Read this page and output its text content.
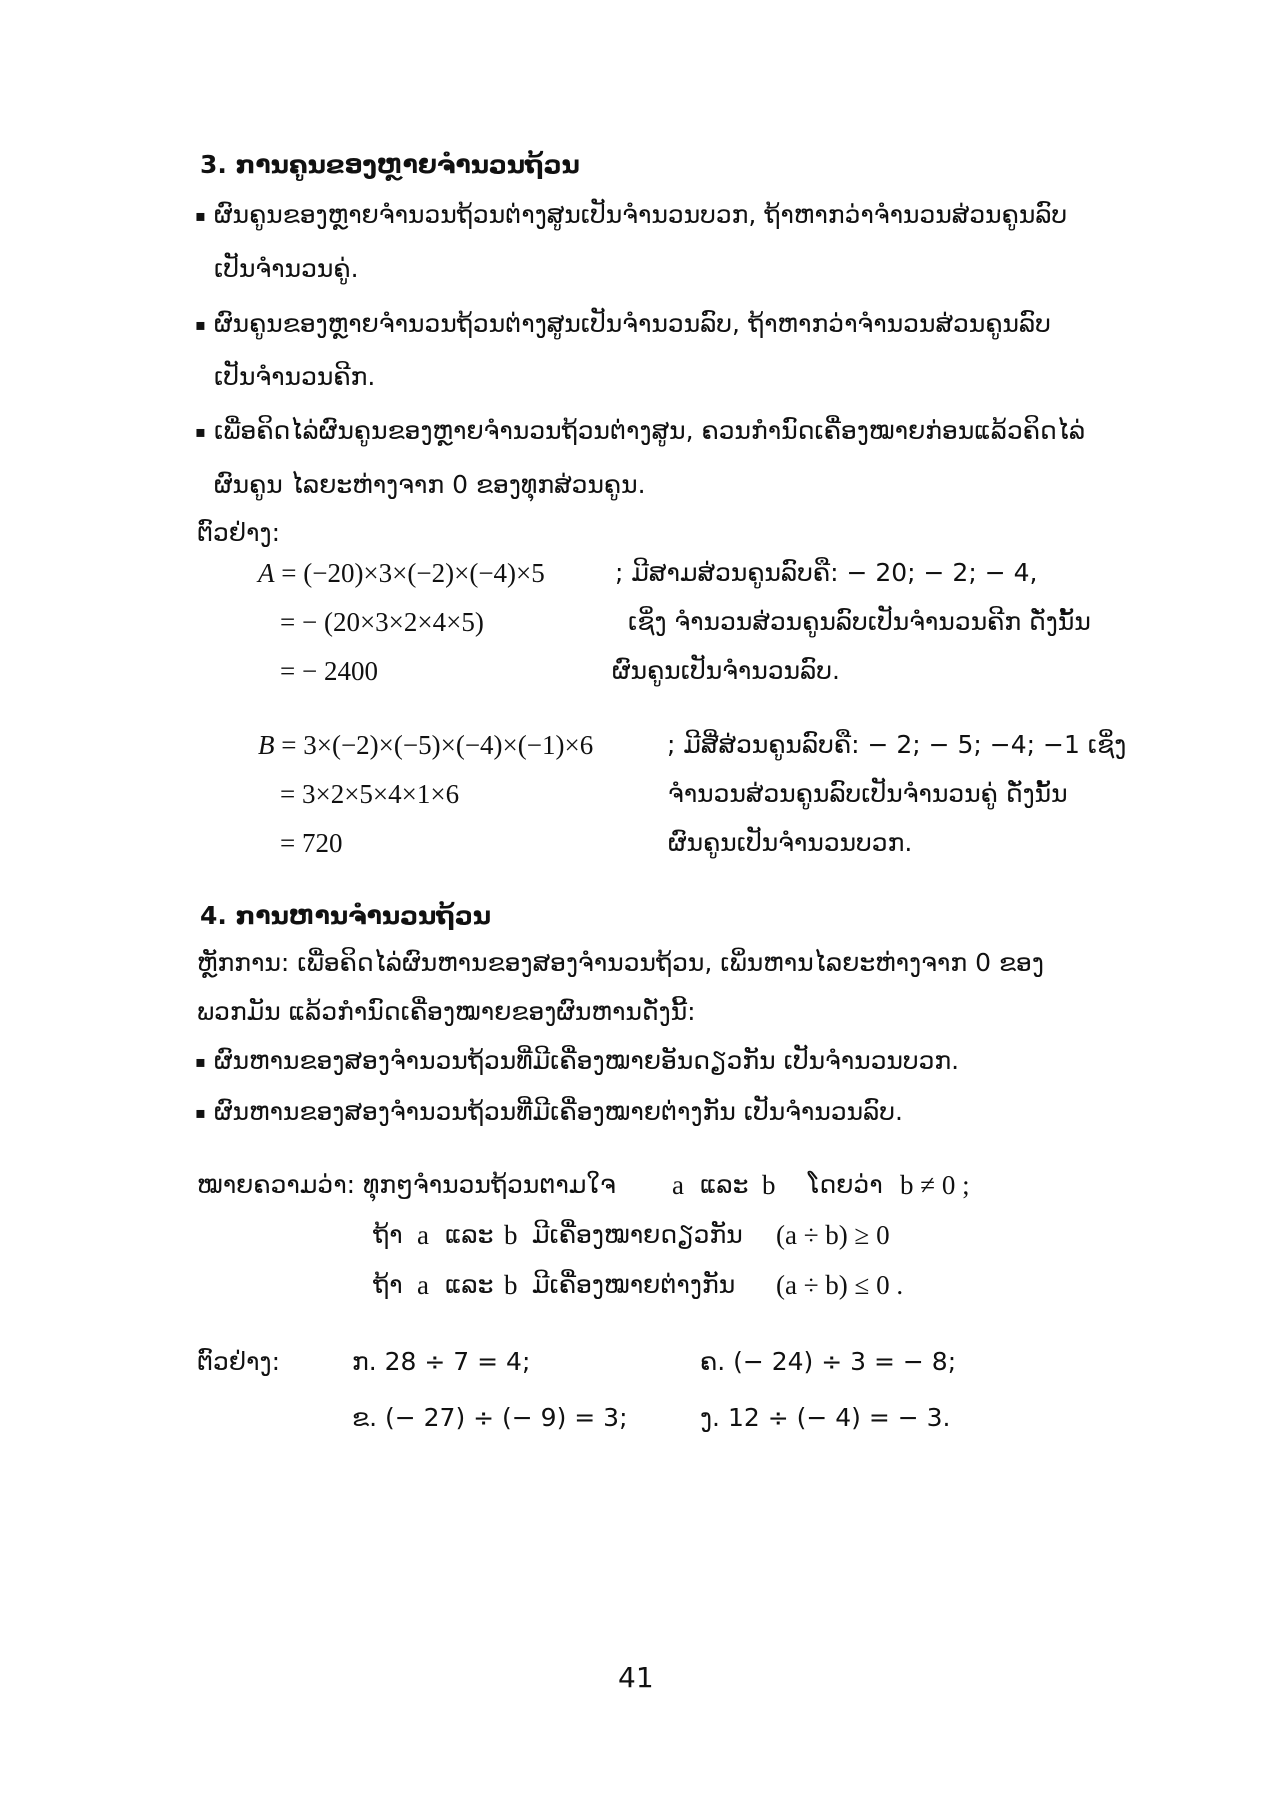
3. ການຄູນຂອງຫຼາຍຈຳນວນຖ້ວນ
▪ ຜົນຄູນຂອງຫຼາຍຈຳນວນຖ້ວນຕ່າງສູນເປັນຈຳນວນບວກ, ຖ້າຫາກວ່າຈຳນວນສ່ວນຄູນລົບ
ເປັນຈຳນວນຄູ່.
▪ ຜົນຄູນຂອງຫຼາຍຈຳນວນຖ້ວນຕ່າງສູນເປັນຈຳນວນລົບ, ຖ້າຫາກວ່າຈຳນວນສ່ວນຄູນລົບ
ເປັນຈຳນວນຄີກ.
▪ ເພື່ອຄິດໄລ່ຜົນຄູນຂອງຫຼາຍຈຳນວນຖ້ວນຕ່າງສູນ, ຄວນກຳນົດເຄື່ອງໝາຍກ່ອນແລ້ວຄິດໄລ່
ຜົນຄູນ ໄລຍະຫ່າງຈາກ 0 ຂອງທຸກສ່ວນຄູນ.
ຕົວຢ່າງ:
A = (−20)×3×(−2)×(−4)×5	; ມີສາມສ່ວນຄູນລົບຄື: − 20; − 2; − 4,
= − (20×3×2×4×5)	ເຊິ່ງ ຈຳນວນສ່ວນຄູນລົບເປັນຈຳນວນຄີກ ດັ່ງນັ້ນ
= − 2400	ຜົນຄູນເປັນຈຳນວນລົບ.
B = 3×(−2)×(−5)×(−4)×(−1)×6	; ມີສີ່ສ່ວນຄູນລົບຄື: − 2; − 5; −4; −1 ເຊິ່ງ
= 3×2×5×4×1×6	ຈຳນວນສ່ວນຄູນລົບເປັນຈຳນວນຄູ່ ດັ່ງນັ້ນ
= 720	ຜົນຄູນເປັນຈຳນວນບວກ.
4. ການຫານຈຳນວນຖ້ວນ
ຫຼັກການ: ເພື່ອຄິດໄລ່ຜົນຫານຂອງສອງຈຳນວນຖ້ວນ, ເພິ່ນຫານໄລຍະຫ່າງຈາກ 0 ຂອງ
ພວກມັນ ແລ້ວກຳນົດເຄື່ອງໝາຍຂອງຜົນຫານດັ່ງນີ້:
▪ ຜົນຫານຂອງສອງຈຳນວນຖ້ວນທີ່ມີເຄື່ອງໝາຍອັນດຽວກັນ ເປັນຈຳນວນບວກ.
▪ ຜົນຫານຂອງສອງຈຳນວນຖ້ວນທີ່ມີເຄື່ອງໝາຍຕ່າງກັນ ເປັນຈຳນວນລົບ.
ໝາຍຄວາມວ່າ: ທຸກໆຈຳນວນຖ້ວນຕາມໃຈ a ແລະ b ໂດຍວ່າ b ≠ 0 ;
ຖ້າ a ແລະ b ມີເຄື່ອງໝາຍດຽວກັນ (a ÷ b) ≥ 0
ຖ້າ a ແລະ b ມີເຄື່ອງໝາຍຕ່າງກັນ (a ÷ b) ≤ 0 .
ຕົວຢ່າງ:	ກ. 28 ÷ 7 = 4;	ຄ. (− 24) ÷ 3 = − 8;
ຂ. (− 27) ÷ (− 9) = 3;	ງ. 12 ÷ (− 4) = − 3.
41
